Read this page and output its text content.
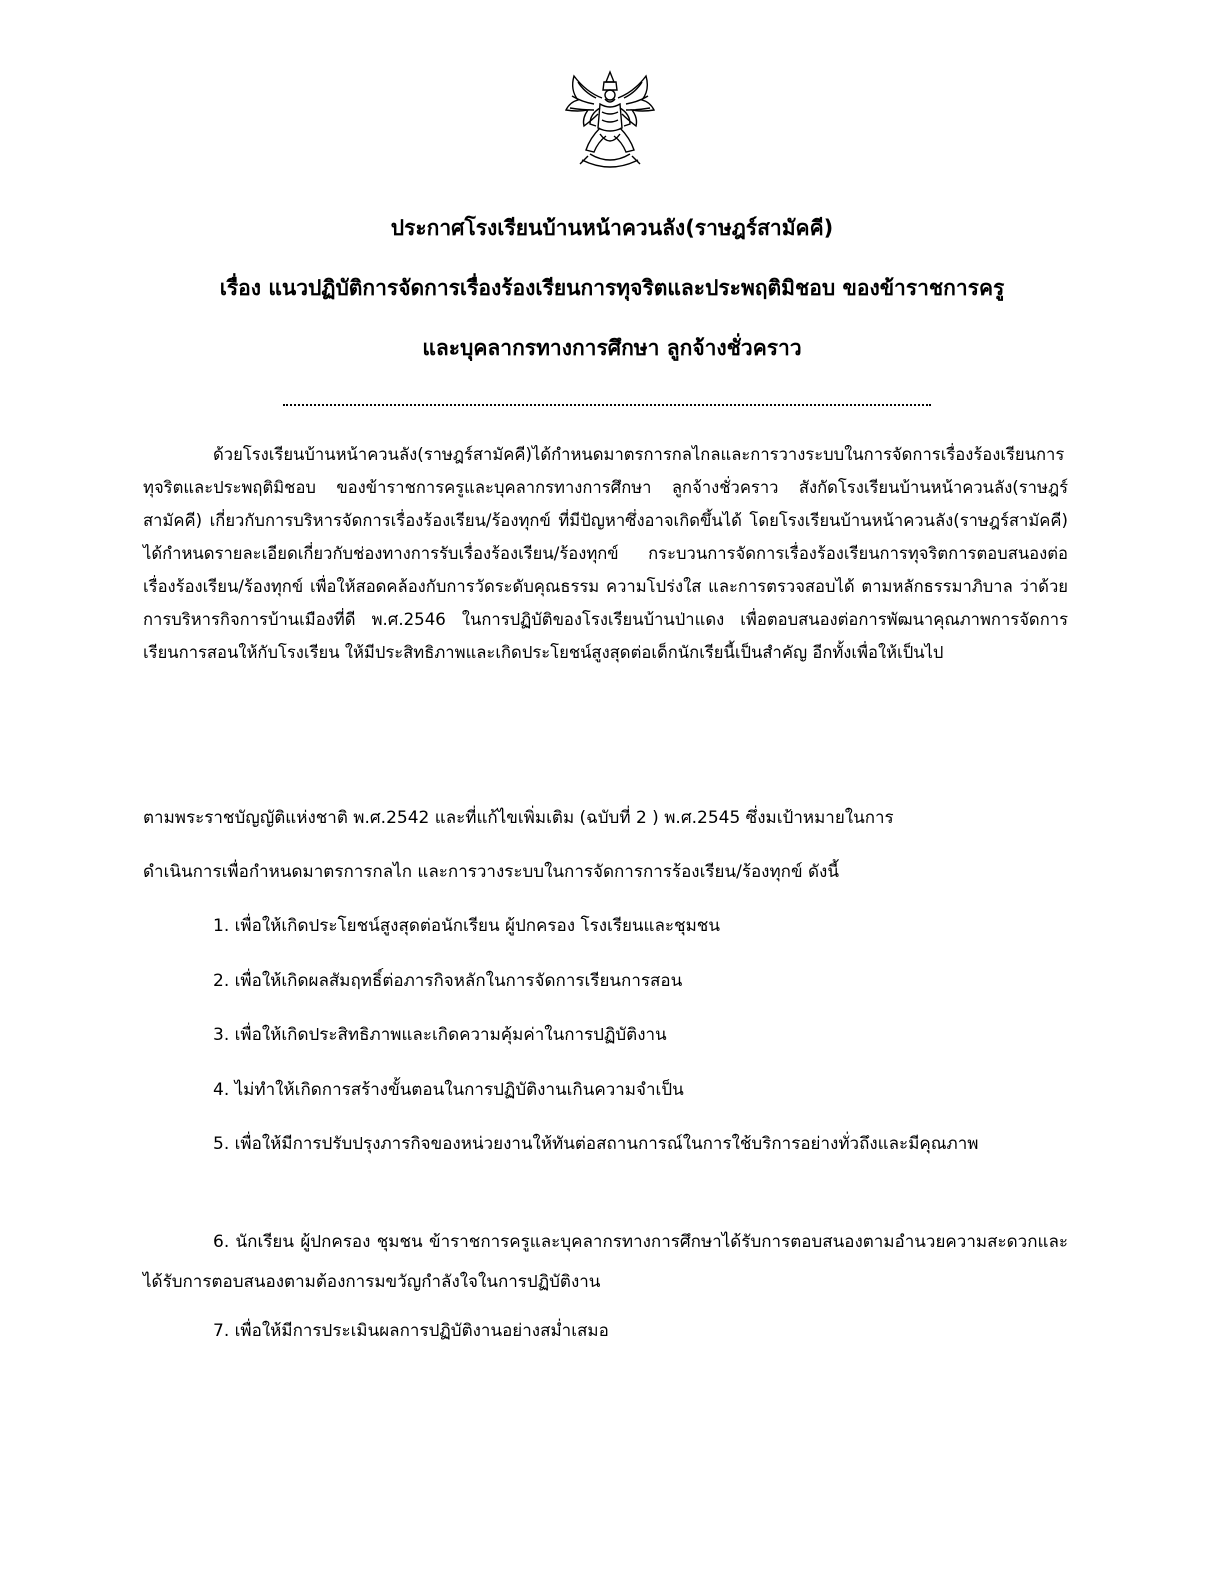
ประกาศโรงเรียนบ้านหน้าควนลัง(ราษฎร์สามัคคี)
เรื่อง แนวปฏิบัติการจัดการเรื่องร้องเรียนการทุจริตและประพฤติมิชอบ ของข้าราชการครู
และบุคลากรทางการศึกษา ลูกจ้างชั่วคราว
ด้วยโรงเรียนบ้านหน้าควนลัง(ราษฎร์สามัคคี)ได้กำหนดมาตรการกลไกลและการวางระบบในการจัดการเรื่องร้องเรียนการทุจริตและประพฤติมิชอบ ของข้าราชการครูและบุคลากรทางการศึกษา ลูกจ้างชั่วคราว สังกัดโรงเรียนบ้านหน้าควนลัง(ราษฎร์สามัคคี) เกี่ยวกับการบริหารจัดการเรื่องร้องเรียน/ร้องทุกข์ ที่มีปัญหาซึ่งอาจเกิดขึ้นได้ โดยโรงเรียนบ้านหน้าควนลัง(ราษฎร์สามัคคี) ได้กำหนดรายละเอียดเกี่ยวกับช่องทางการรับเรื่องร้องเรียน/ร้องทุกข์ กระบวนการจัดการเรื่องร้องเรียนการทุจริตการตอบสนองต่อเรื่องร้องเรียน/ร้องทุกข์ เพื่อให้สอดคล้องกับการวัดระดับคุณธรรม ความโปร่งใส และการตรวจสอบได้ ตามหลักธรรมาภิบาล ว่าด้วยการบริหารกิจการบ้านเมืองที่ดี พ.ศ.2546 ในการปฏิบัติของโรงเรียนบ้านป่าแดง เพื่อตอบสนองต่อการพัฒนาคุณภาพการจัดการเรียนการสอนให้กับโรงเรียน ให้มีประสิทธิภาพและเกิดประโยชน์สูงสุดต่อเด็กนักเรียนี้เป็นสำคัญ อีกทั้งเพื่อให้เป็นไป
ตามพระราชบัญญัติแห่งชาติ พ.ศ.2542 และที่แก้ไขเพิ่มเติม (ฉบับที่ 2 ) พ.ศ.2545 ซึ่งมเป้าหมายในการ
ดำเนินการเพื่อกำหนดมาตรการกลไก และการวางระบบในการจัดการการร้องเรียน/ร้องทุกข์ ดังนี้
1. เพื่อให้เกิดประโยชน์สูงสุดต่อนักเรียน ผู้ปกครอง โรงเรียนและชุมชน
2. เพื่อให้เกิดผลสัมฤทธิ์ต่อภารกิจหลักในการจัดการเรียนการสอน
3. เพื่อให้เกิดประสิทธิภาพและเกิดความคุ้มค่าในการปฏิบัติงาน
4. ไม่ทำให้เกิดการสร้างขั้นตอนในการปฏิบัติงานเกินความจำเป็น
5. เพื่อให้มีการปรับปรุงภารกิจของหน่วยงานให้ทันต่อสถานการณ์ในการใช้บริการอย่างทั่วถึงและมีคุณภาพ
6. นักเรียน ผู้ปกครอง ชุมชน ข้าราชการครูและบุคลากรทางการศึกษาได้รับการตอบสนองตามอำนวยความสะดวกและได้รับการตอบสนองตามต้องการมขวัญกำลังใจในการปฏิบัติงาน
7. เพื่อให้มีการประเมินผลการปฏิบัติงานอย่างสม่ำเสมอ
